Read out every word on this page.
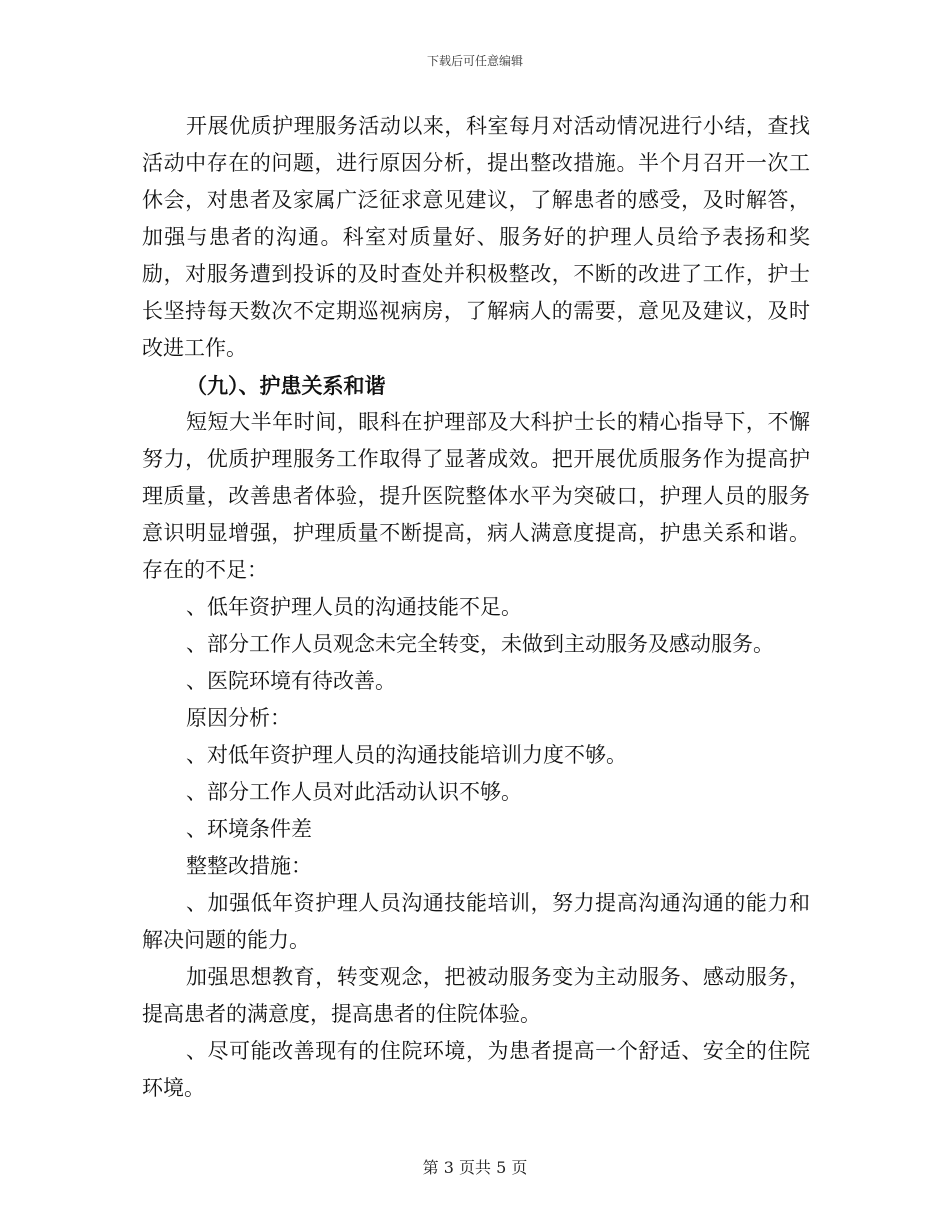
下载后可任意编辑

开展优质护理服务活动以来，科室每月对活动情况进行小结，查找活动中存在的问题，进行原因分析，提出整改措施。半个月召开一次工休会，对患者及家属广泛征求意见建议，了解患者的感受，及时解答，加强与患者的沟通。科室对质量好、服务好的护理人员给予表扬和奖励，对服务遭到投诉的及时查处并积极整改，不断的改进了工作，护士长坚持每天数次不定期巡视病房，了解病人的需要，意见及建议，及时改进工作。

（九）、护患关系和谐

短短大半年时间，眼科在护理部及大科护士长的精心指导下，不懈努力，优质护理服务工作取得了显著成效。把开展优质服务作为提高护理质量，改善患者体验，提升医院整体水平为突破口，护理人员的服务意识明显增强，护理质量不断提高，病人满意度提高，护患关系和谐。存在的不足：

、低年资护理人员的沟通技能不足。

、部分工作人员观念未完全转变，未做到主动服务及感动服务。

、医院环境有待改善。

原因分析：

、对低年资护理人员的沟通技能培训力度不够。

、部分工作人员对此活动认识不够。

、环境条件差

整整改措施：

、加强低年资护理人员沟通技能培训，努力提高沟通沟通的能力和解决问题的能力。

加强思想教育，转变观念，把被动服务变为主动服务、感动服务，提高患者的满意度，提高患者的住院体验。

、尽可能改善现有的住院环境，为患者提高一个舒适、安全的住院环境。

第 3 页共 5 页
